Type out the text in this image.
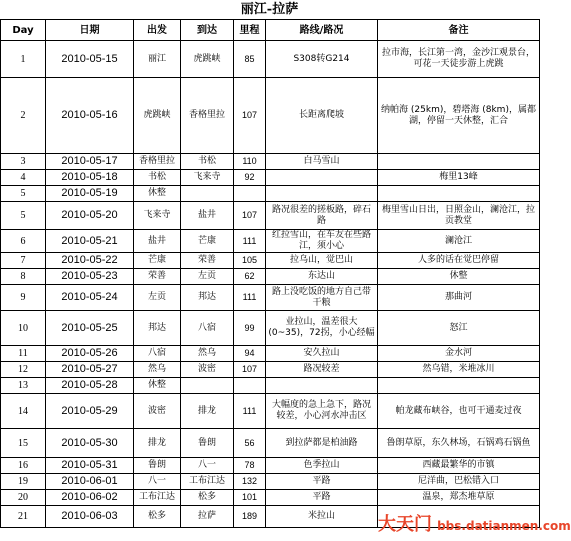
丽江-拉萨
Day	日期	出发	到达	里程	路线/路况	备注
1	2010-05-15	丽江	虎跳峡	85	S308转G214	拉市海，长江第一湾，金沙江观景台，可花一天徒步游上虎跳
2	2010-05-16	虎跳峡	香格里拉	107	长距离爬坡	纳帕海 (25km)，碧塔海 (8km)，属都湖，停留一天休整，汇合
3	2010-05-17	香格里拉	书松	110	白马雪山	
4	2010-05-18	书松	飞来寺	92		梅里13峰
5	2010-05-19	休整				
5	2010-05-20	飞来寺	盐井	107	路况很差的搓板路，碎石路	梅里雪山日出，日照金山，澜沧江，拉贡教堂
6	2010-05-21	盐井	芒康	111	红拉雪山，在车友在些路江，须小心	澜沧江
7	2010-05-22	芒康	荣善	105	拉乌山，觉巴山	人多的话在觉巴停留
8	2010-05-23	荣善	左贡	62	东达山	休整
9	2010-05-24	左贡	邦达	111	路上没吃饭的地方自己带干粮	那曲河
10	2010-05-25	邦达	八宿	99	业拉山，温差很大 (0~35)，72拐，小心经幅	怒江
11	2010-05-26	八宿	然乌	94	安久拉山	金水河
12	2010-05-27	然乌	波密	107	路况较差	然乌错，米堆冰川
13	2010-05-28	休整				
14	2010-05-29	波密	排龙	111	大幅度的急上急下，路况较差，小心河水冲击区	帕龙藏布峡谷，也可干通麦过夜
15	2010-05-30	排龙	鲁朗	56	到拉萨都是柏油路	鲁朗草原，东久林场，石锅鸡石锅鱼
16	2010-05-31	鲁朗	八一	78	色季拉山	西藏最繁华的市镇
19	2010-06-01	八一	工布江达	132	平路	尼洋曲，巴松错入口
20	2010-06-02	工布江达	松多	101	平路	温泉，郑杰堆草原
21	2010-06-03	松多	拉萨	189	米拉山	大天门 bbs.datianmen.com
